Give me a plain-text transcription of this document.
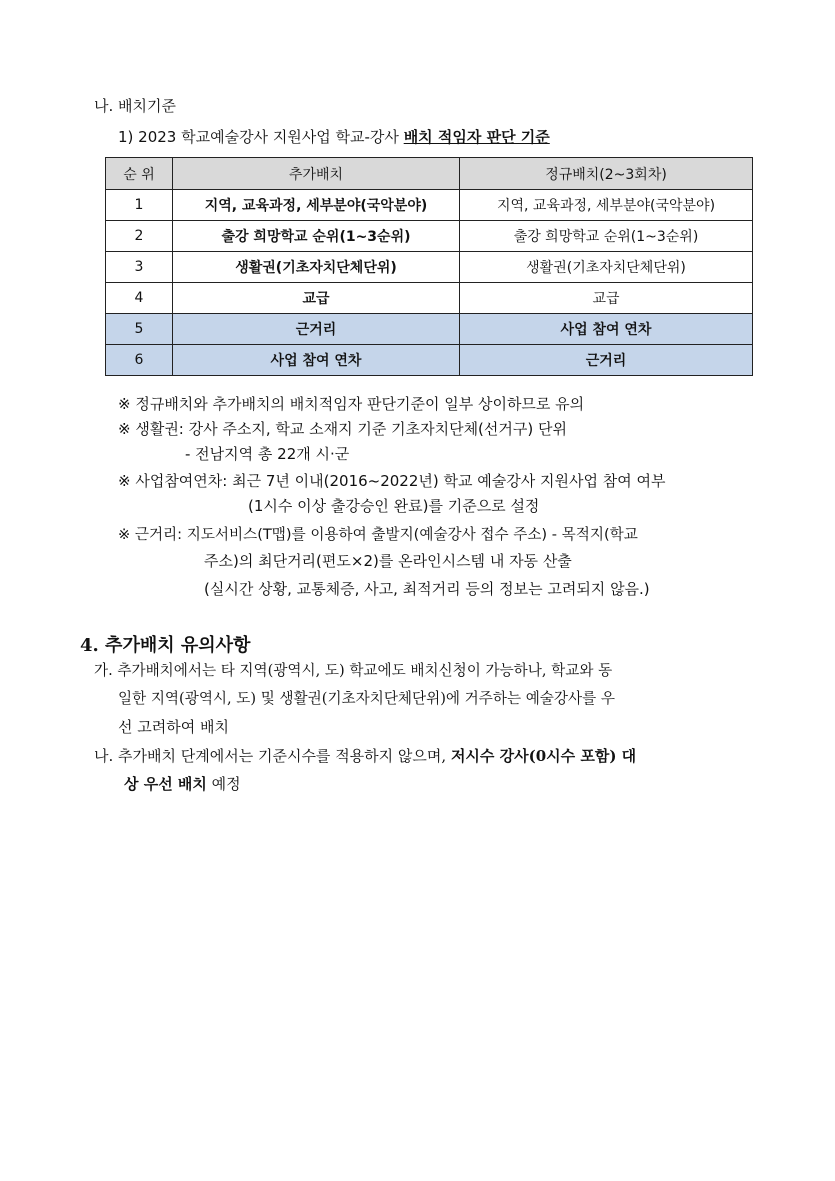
나. 배치기준
1) 2023 학교예술강사 지원사업 학교-강사 배치 적임자 판단 기준
순 위	추가배치	정규배치(2~3회차)
1	지역, 교육과정, 세부분야(국악분야)	지역, 교육과정, 세부분야(국악분야)
2	출강 희망학교 순위(1~3순위)	출강 희망학교 순위(1~3순위)
3	생활권(기초자치단체단위)	생활권(기초자치단체단위)
4	교급	교급
5	근거리	사업 참여 연차
6	사업 참여 연차	근거리
※ 정규배치와 추가배치의 배치적임자 판단기준이 일부 상이하므로 유의
※ 생활권: 강사 주소지, 학교 소재지 기준 기초자치단체(선거구) 단위
- 전남지역 총 22개 시·군
※ 사업참여연차: 최근 7년 이내(2016~2022년) 학교 예술강사 지원사업 참여 여부
(1시수 이상 출강승인 완료)를 기준으로 설정
※ 근거리: 지도서비스(T맵)를 이용하여 출발지(예술강사 접수 주소) - 목적지(학교
주소)의 최단거리(편도×2)를 온라인시스템 내 자동 산출
(실시간 상황, 교통체증, 사고, 최적거리 등의 정보는 고려되지 않음.)
4. 추가배치 유의사항
가. 추가배치에서는 타 지역(광역시, 도) 학교에도 배치신청이 가능하나, 학교와 동
일한 지역(광역시, 도) 및 생활권(기초자치단체단위)에 거주하는 예술강사를 우
선 고려하여 배치
나. 추가배치 단계에서는 기준시수를 적용하지 않으며, 저시수 강사(0시수 포함) 대
상 우선 배치 예정
